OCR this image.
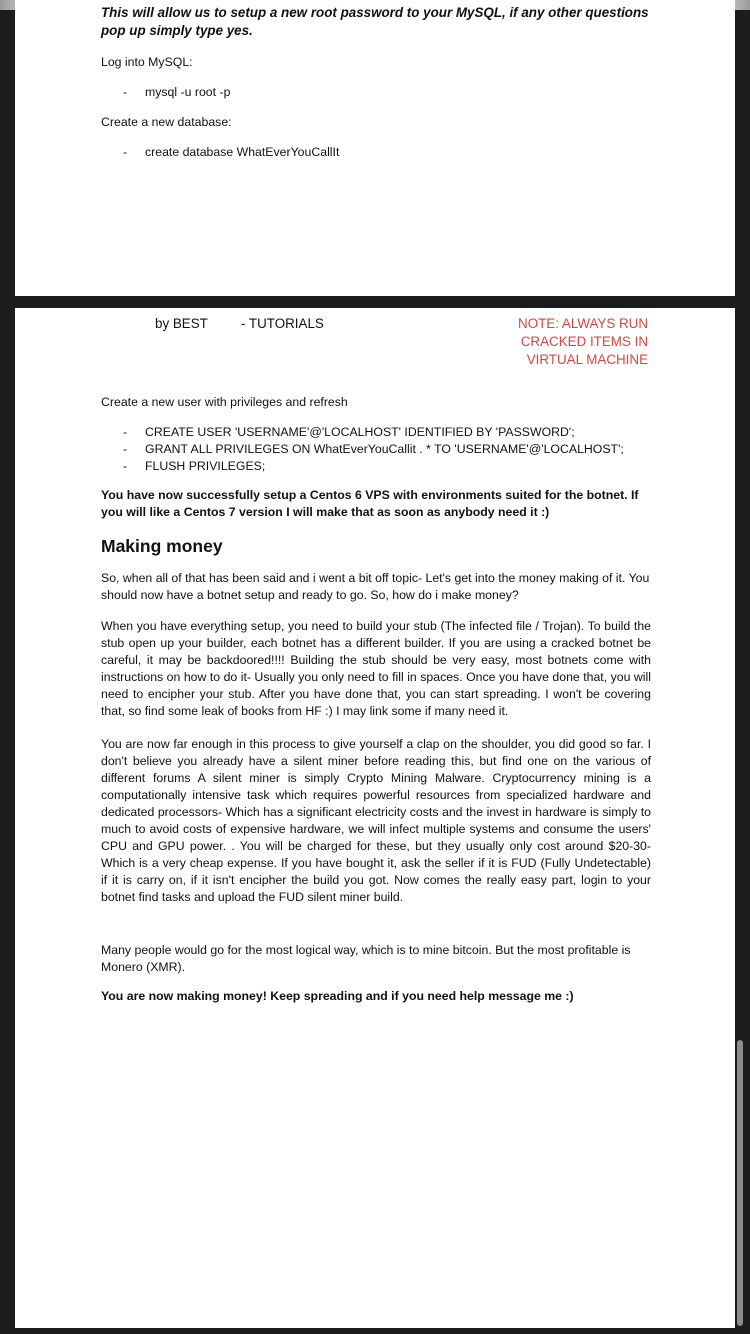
This will allow us to setup a new root password to your MySQL, if any other questions pop up simply type yes.

Log into MySQL:

- mysql -u root -p

Create a new database:

- create database WhatEverYouCallIt
by BEST - TUTORIALS	NOTE: ALWAYS RUN CRACKED ITEMS IN VIRTUAL MACHINE

Create a new user with privileges and refresh

- CREATE USER 'USERNAME'@'LOCALHOST' IDENTIFIED BY 'PASSWORD';
- GRANT ALL PRIVILEGES ON WhatEverYouCallit . * TO 'USERNAME'@'LOCALHOST';
- FLUSH PRIVILEGES;

You have now successfully setup a Centos 6 VPS with environments suited for the botnet. If you will like a Centos 7 version I will make that as soon as anybody need it :)

Making money

So, when all of that has been said and i went a bit off topic- Let's get into the money making of it. You should now have a botnet setup and ready to go. So, how do i make money?

When you have everything setup, you need to build your stub (The infected file / Trojan). To build the stub open up your builder, each botnet has a different builder. If you are using a cracked botnet be careful, it may be backdoored!!!! Building the stub should be very easy, most botnets come with instructions on how to do it- Usually you only need to fill in spaces. Once you have done that, you will need to encipher your stub. After you have done that, you can start spreading. I won't be covering that, so find some leak of books from HF :) I may link some if many need it.

You are now far enough in this process to give yourself a clap on the shoulder, you did good so far. I don't believe you already have a silent miner before reading this, but find one on the various of different forums A silent miner is simply Crypto Mining Malware. Cryptocurrency mining is a computationally intensive task which requires powerful resources from specialized hardware and dedicated processors- Which has a significant electricity costs and the invest in hardware is simply to much to avoid costs of expensive hardware, we will infect multiple systems and consume the users' CPU and GPU power. . You will be charged for these, but they usually only cost around $20-30- Which is a very cheap expense. If you have bought it, ask the seller if it is FUD (Fully Undetectable) if it is carry on, if it isn't encipher the build you got. Now comes the really easy part, login to your botnet find tasks and upload the FUD silent miner build.

Many people would go for the most logical way, which is to mine bitcoin. But the most profitable is Monero (XMR).

You are now making money! Keep spreading and if you need help message me :)
